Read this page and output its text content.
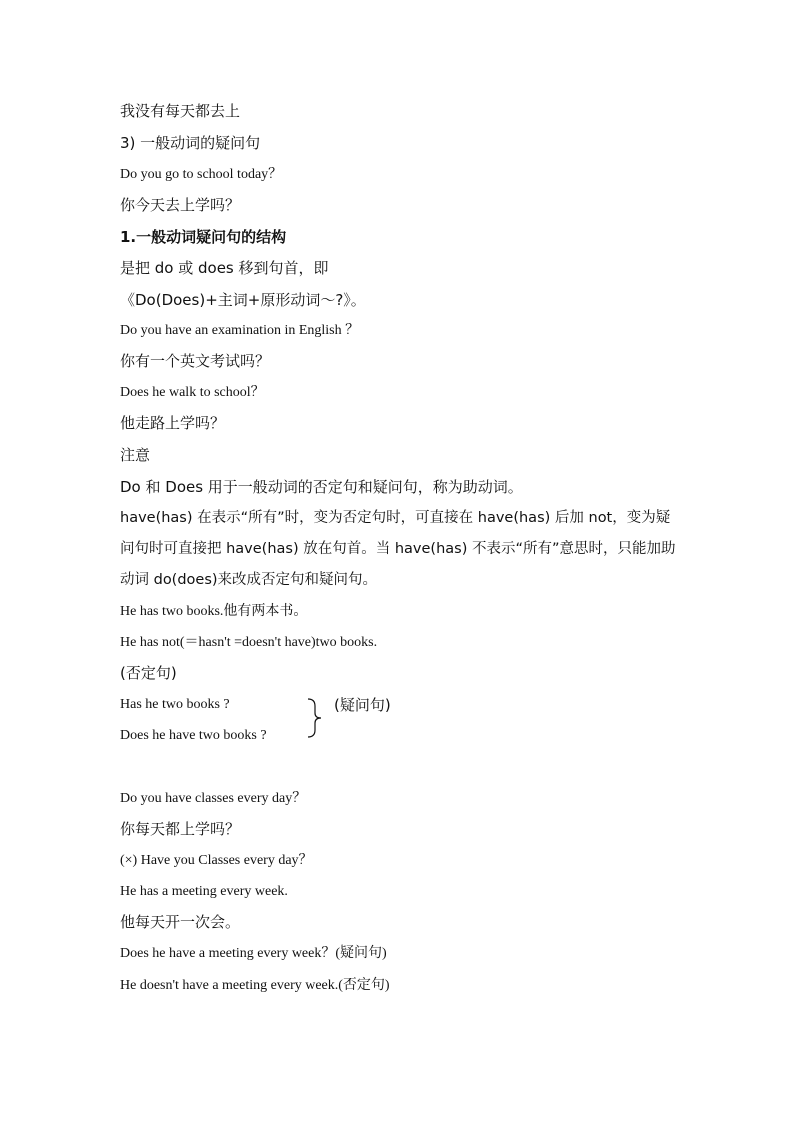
我没有每天都去上
3) 一般动词的疑问句
Do you go to school today？
你今天去上学吗？
1.一般动词疑问句的结构
是把 do 或 does 移到句首，即
《Do(Does)+主词+原形动词～?》。
Do you have an examination in English ？
你有一个英文考试吗？
Does he walk to school？
他走路上学吗？
注意
Do 和 Does 用于一般动词的否定句和疑问句，称为助动词。
have(has) 在表示“所有”时，变为否定句时，可直接在 have(has) 后加 not，变为疑问句时可直接把 have(has) 放在句首。当 have(has) 不表示“所有”意思时，只能加助动词 do(does)来改成否定句和疑问句。
He has two books.他有两本书。
He has not(＝hasn't =doesn't have)two books.
(否定句)
Has he two books ?
Does he have two books ?
(疑问句)
Do you have classes every day？
你每天都上学吗？
(×) Have you Classes every day？
He has a meeting every week.
他每天开一次会。
Does he have a meeting every week？(疑问句)
He doesn't have a meeting every week.(否定句)
